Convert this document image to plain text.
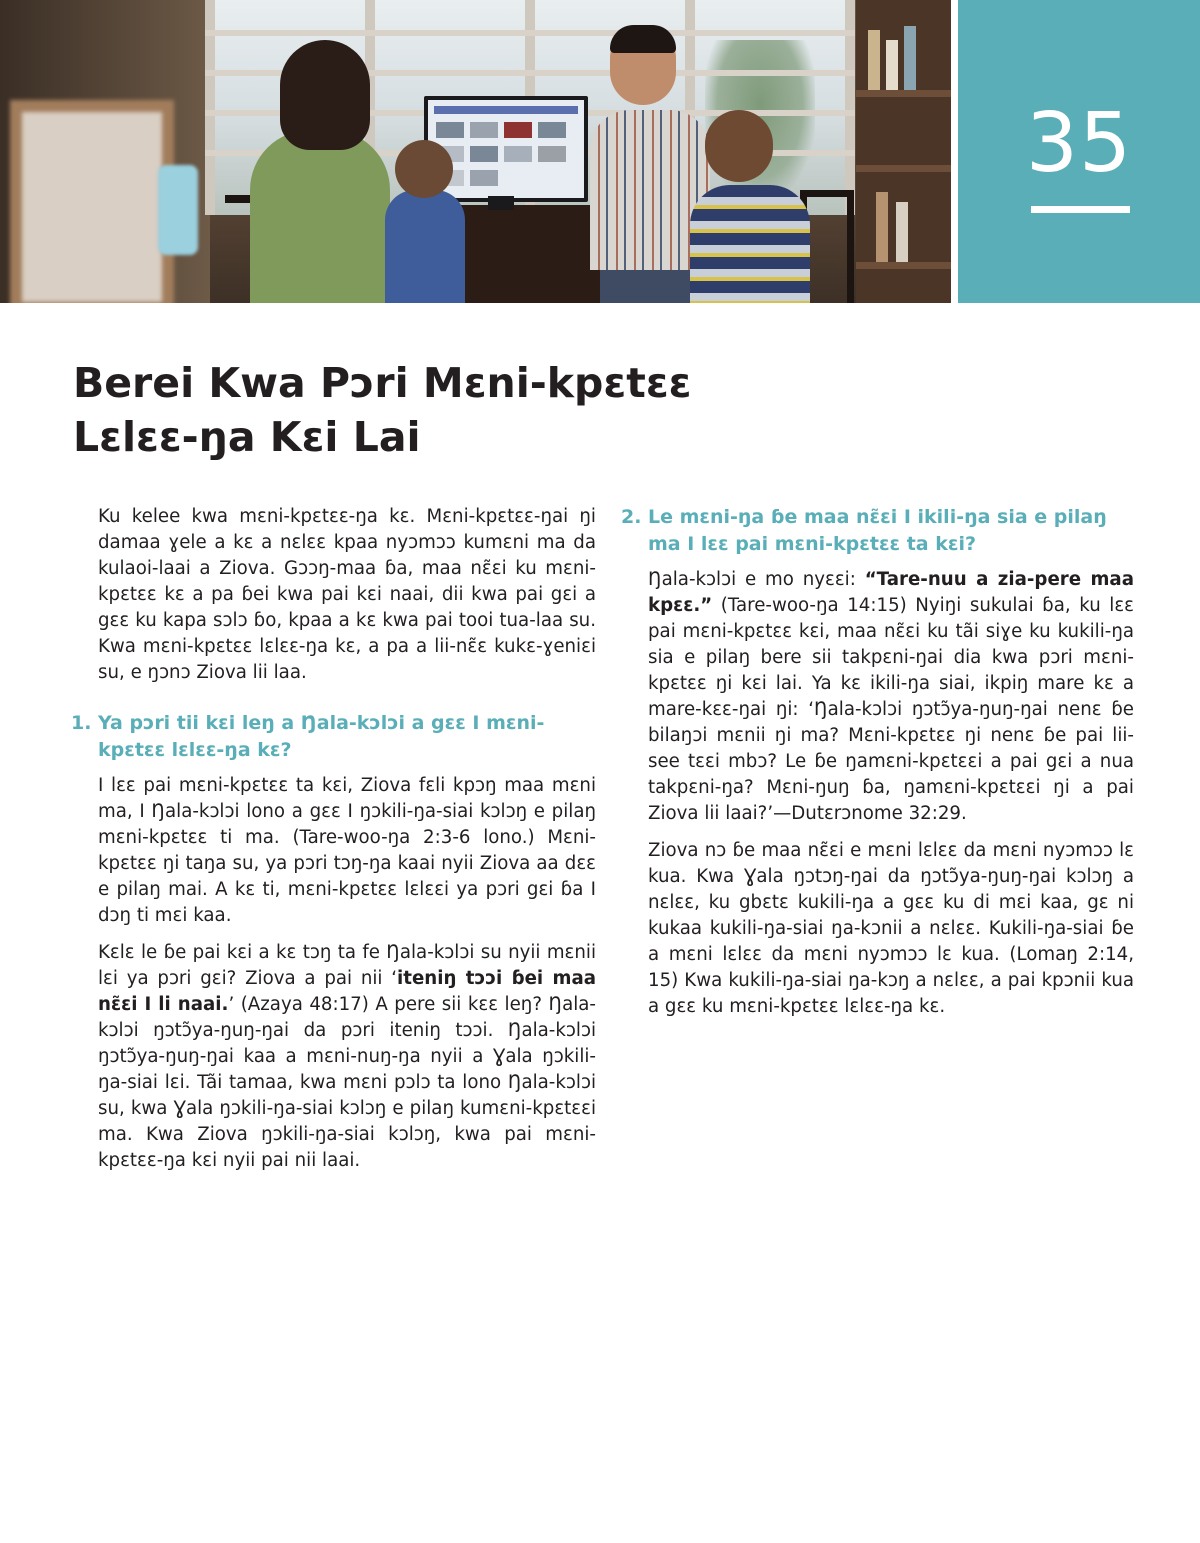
35
Berei Kwa Pɔri Mɛni-kpɛtɛɛ
Lɛlɛɛ-ŋa Kɛi Lai

Ku kelee kwa mɛni-kpɛtɛɛ-ŋa kɛ. Mɛni-kpɛtɛɛ-ŋai ŋi damaa ɣele a kɛ a nɛlɛɛ kpaa nyɔmɔɔ kumɛni ma da kulaoi-laai a Ziova. Gɔɔŋ-maa ɓa, maa nɛ̃ɛi ku mɛni-kpɛtɛɛ kɛ a pa ɓei kwa pai kɛi naai, dii kwa pai gɛi a gɛɛ ku kapa sɔlɔ ɓo, kpaa a kɛ kwa pai tooi tua-laa su. Kwa mɛni-kpɛtɛɛ lɛlɛɛ-ŋa kɛ, a pa a lii-nɛ̃ɛ kukɛ-ɣeniɛi su, e ŋɔnɔ Ziova lii laa.

1. Ya pɔri tii kɛi leŋ a Ŋala-kɔlɔi a gɛɛ I mɛni-kpɛtɛɛ lɛlɛɛ-ŋa kɛ?

I lɛɛ pai mɛni-kpɛtɛɛ ta kɛi, Ziova fɛli kpɔŋ maa mɛni ma, I Ŋala-kɔlɔi lono a gɛɛ I ŋɔkili-ŋa-siai kɔlɔŋ e pilaŋ mɛni-kpɛtɛɛ ti ma. (Tare-woo-ŋa 2:3-6 lono.) Mɛni-kpɛtɛɛ ŋi taŋa su, ya pɔri tɔŋ-ŋa kaai nyii Ziova aa dɛɛ e pilaŋ mai. A kɛ ti, mɛni-kpɛtɛɛ lɛlɛɛi ya pɔri gɛi ɓa I dɔŋ ti mɛi kaa.

Kɛlɛ le ɓe pai kɛi a kɛ tɔŋ ta fe Ŋala-kɔlɔi su nyii mɛnii lɛi ya pɔri gɛi? Ziova a pai nii ‘iteniŋ tɔɔi ɓei maa nɛ̃ɛi I li naai.’ (Azaya 48:17) A pere sii kɛɛ leŋ? Ŋala-kɔlɔi ŋɔtɔ̃ya-ŋuŋ-ŋai da pɔri iteniŋ tɔɔi. Ŋala-kɔlɔi ŋɔtɔ̃ya-ŋuŋ-ŋai kaa a mɛni-nuŋ-ŋa nyii a Ɣala ŋɔkili-ŋa-siai lɛi. Tãi tamaa, kwa mɛni pɔlɔ ta lono Ŋala-kɔlɔi su, kwa Ɣala ŋɔkili-ŋa-siai kɔlɔŋ e pilaŋ kumɛni-kpɛtɛɛi ma. Kwa Ziova ŋɔkili-ŋa-siai kɔlɔŋ, kwa pai mɛni-kpɛtɛɛ-ŋa kɛi nyii pai nii laai.

2. Le mɛni-ŋa ɓe maa nɛ̃ɛi I ikili-ŋa sia e pilaŋ ma I lɛɛ pai mɛni-kpɛtɛɛ ta kɛi?

Ŋala-kɔlɔi e mo nyɛɛi: “Tare-nuu a zia-pere maa kpɛɛ.” (Tare-woo-ŋa 14:15) Nyiŋi sukulai ɓa, ku lɛɛ pai mɛni-kpɛtɛɛ kɛi, maa nɛ̃ɛi ku tãi siɣe ku kukili-ŋa sia e pilaŋ bere sii takpɛni-ŋai dia kwa pɔri mɛni-kpɛtɛɛ ŋi kɛi lai. Ya kɛ ikili-ŋa siai, ikpiŋ mare kɛ a mare-kɛɛ-ŋai ŋi: ‘Ŋala-kɔlɔi ŋɔtɔ̃ya-ŋuŋ-ŋai nenɛ ɓe bilaŋɔi mɛnii ŋi ma? Mɛni-kpɛtɛɛ ŋi nenɛ ɓe pai lii-see tɛɛi mbɔ? Le ɓe ŋamɛni-kpɛtɛɛi a pai gɛi a nua takpɛni-ŋa? Mɛni-ŋuŋ ɓa, ŋamɛni-kpɛtɛɛi ŋi a pai Ziova lii laai?’—Dutɛrɔnome 32:29.

Ziova nɔ ɓe maa nɛ̃ɛi e mɛni lɛlɛɛ da mɛni nyɔmɔɔ lɛ kua. Kwa Ɣala ŋɔtɔŋ-ŋai da ŋɔtɔ̃ya-ŋuŋ-ŋai kɔlɔŋ a nɛlɛɛ, ku gbɛtɛ kukili-ŋa a gɛɛ ku di mɛi kaa, gɛ ni kukaa kukili-ŋa-siai ŋa-kɔnii a nɛlɛɛ. Kukili-ŋa-siai ɓe a mɛni lɛlɛɛ da mɛni nyɔmɔɔ lɛ kua. (Lomaŋ 2:14, 15) Kwa kukili-ŋa-siai ŋa-kɔŋ a nɛlɛɛ, a pai kpɔnii kua a gɛɛ ku mɛni-kpɛtɛɛ lɛlɛɛ-ŋa kɛ.
